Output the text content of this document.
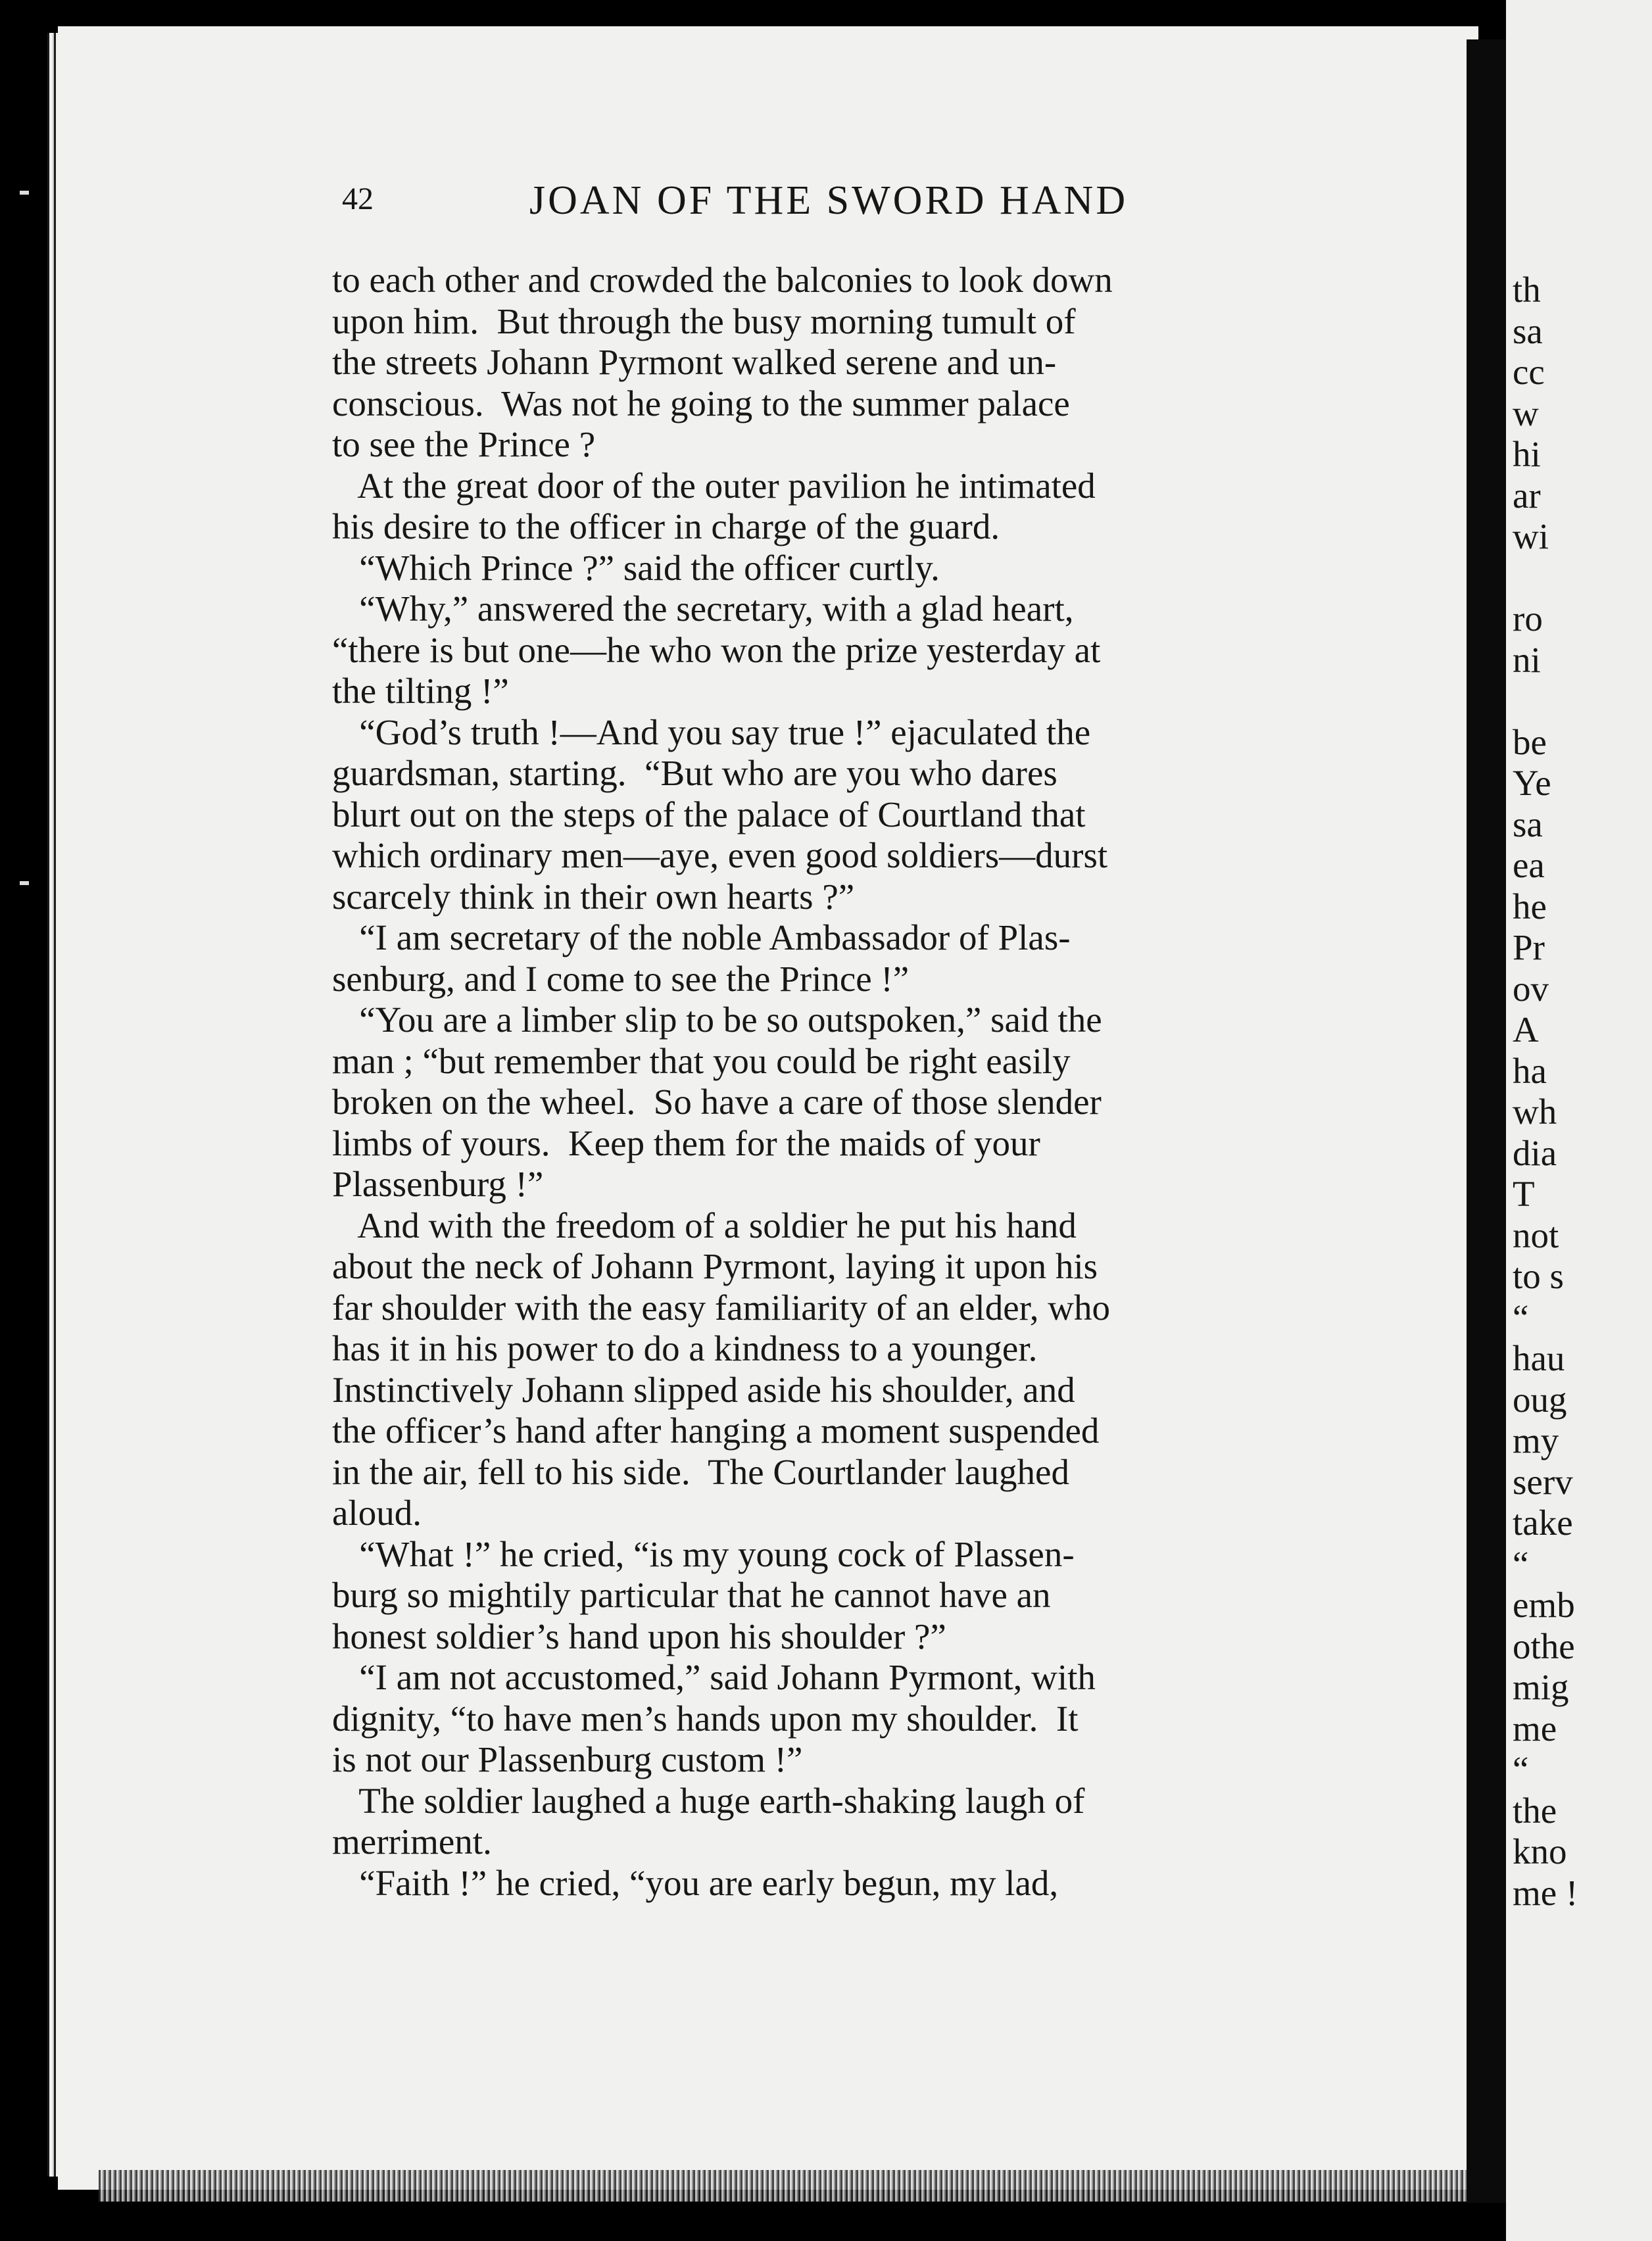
42	JOAN OF THE SWORD HAND
to each other and crowded the balconies to look down
upon him.  But through the busy morning tumult of
the streets Johann Pyrmont walked serene and un-
conscious.  Was not he going to the summer palace
to see the Prince ?
At the great door of the outer pavilion he intimated
his desire to the officer in charge of the guard.
“Which Prince ?” said the officer curtly.
“Why,” answered the secretary, with a glad heart,
“there is but one—he who won the prize yesterday at
the tilting !”
“God’s truth !—And you say true !” ejaculated the
guardsman, starting.  “But who are you who dares
blurt out on the steps of the palace of Courtland that
which ordinary men—aye, even good soldiers—durst
scarcely think in their own hearts ?”
“I am secretary of the noble Ambassador of Plas-
senburg, and I come to see the Prince !”
“You are a limber slip to be so outspoken,” said the
man ; “but remember that you could be right easily
broken on the wheel.  So have a care of those slender
limbs of yours.  Keep them for the maids of your
Plassenburg !”
And with the freedom of a soldier he put his hand
about the neck of Johann Pyrmont, laying it upon his
far shoulder with the easy familiarity of an elder, who
has it in his power to do a kindness to a younger.
Instinctively Johann slipped aside his shoulder, and
the officer’s hand after hanging a moment suspended
in the air, fell to his side.  The Courtlander laughed
aloud.
“What !” he cried, “is my young cock of Plassen-
burg so mightily particular that he cannot have an
honest soldier’s hand upon his shoulder ?”
“I am not accustomed,” said Johann Pyrmont, with
dignity, “to have men’s hands upon my shoulder.  It
is not our Plassenburg custom !”
The soldier laughed a huge earth-shaking laugh of
merriment.
“Faith !” he cried, “you are early begun, my lad,
th
sa
cc
w
hi
ar
wi
ro
ni
be
Ye
sa
ea
he
Pr
ov
A
ha
wh
dia
T
not
to s
“
hau
oug
my
serv
take
“
emb
othe
mig
me
“
the
kno
me !
